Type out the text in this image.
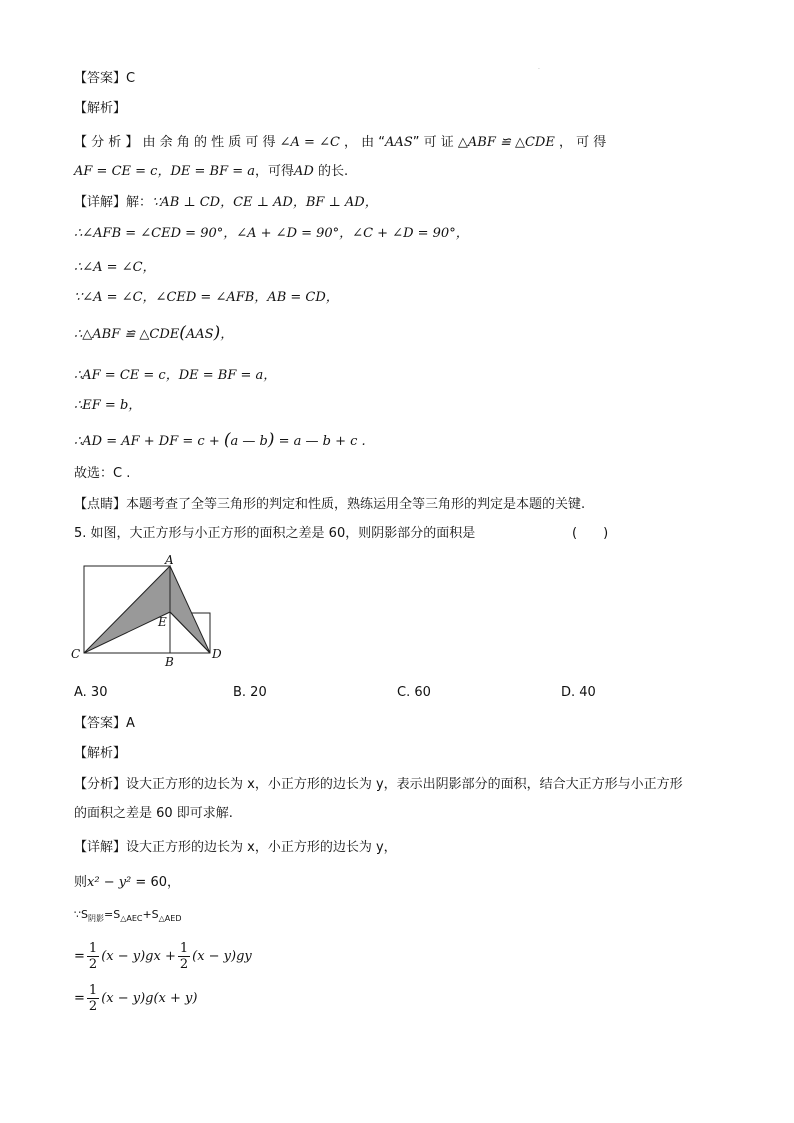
.
【答案】C
【解析】
【 分 析 】 由 余 角 的 性 质 可 得 ∠A = ∠C ， 由 “AAS” 可 证 △ABF ≌ △CDE ， 可 得
AF = CE = c，DE = BF = a，可得AD 的长.
【详解】解：∵AB ⊥ CD，CE ⊥ AD，BF ⊥ AD，
∴∠AFB = ∠CED = 90°，∠A + ∠D = 90°，∠C + ∠D = 90°，
∴∠A = ∠C，
∵∠A = ∠C，∠CED = ∠AFB，AB = CD，
∴△ABF ≌ △CDE(AAS)，
∴AF = CE = c，DE = BF = a，
∴EF = b，
∴AD = AF + DF = c + (a — b) = a — b + c .
故选：C .
【点睛】本题考查了全等三角形的判定和性质，熟练运用全等三角形的判定是本题的关键.
5. 如图，大正方形与小正方形的面积之差是 60，则阴影部分的面积是	(　　)
A
E
C
B
D
A. 30	B. 20	C. 60	D. 40
【答案】A
【解析】
【分析】设大正方形的边长为 x，小正方形的边长为 y，表示出阴影部分的面积，结合大正方形与小正方形
的面积之差是 60 即可求解.
【详解】设大正方形的边长为 x，小正方形的边长为 y，
则x² − y² = 60，
$\because S_{阴影}=S_{\triangle AEC}+S_{\triangle AED}$
= $\frac{1}{2} (x - y)gx + \frac{1}{2} (x - y)gy$
= $\frac{1}{2} (x - y)g(x + y)$
